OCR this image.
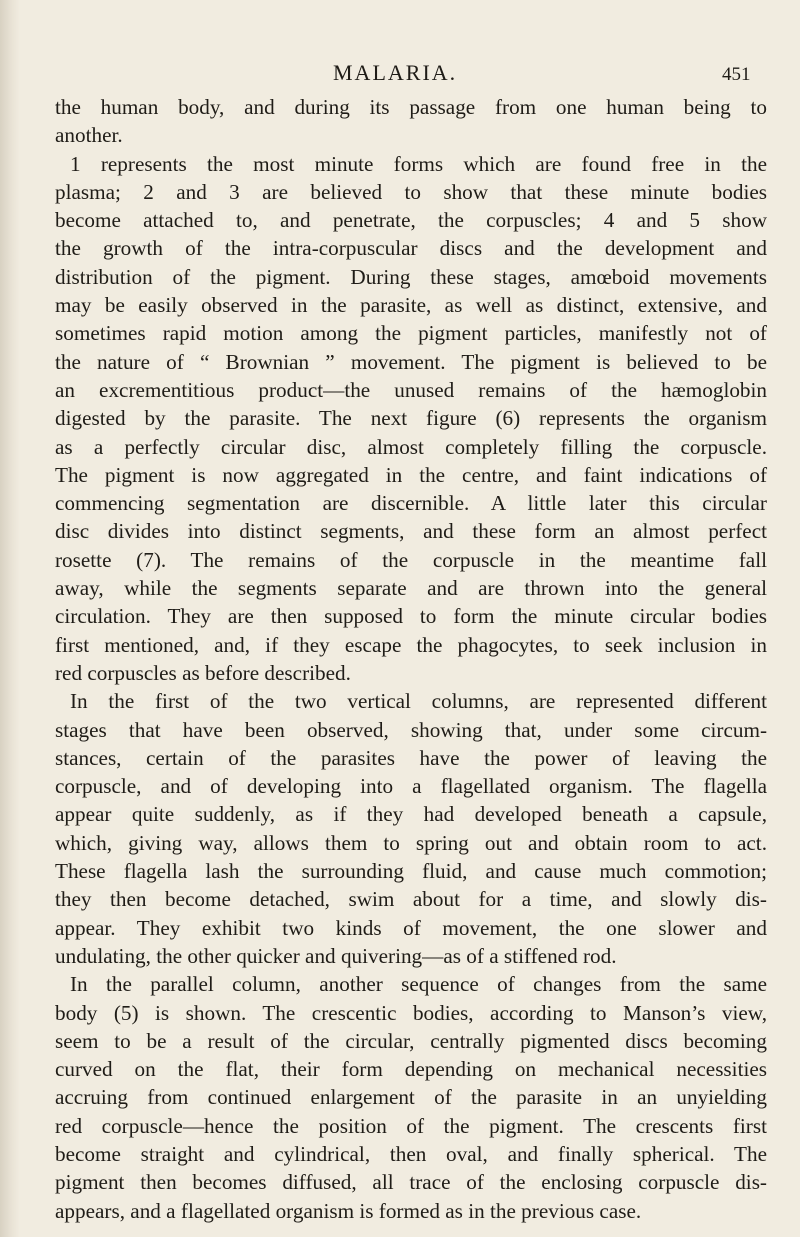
MALARIA.	451
the human body, and during its passage from one human being to
another.
1 represents the most minute forms which are found free in the
plasma; 2 and 3 are believed to show that these minute bodies
become attached to, and penetrate, the corpuscles; 4 and 5 show
the growth of the intra-corpuscular discs and the development and
distribution of the pigment. During these stages, amœboid movements
may be easily observed in the parasite, as well as distinct, extensive, and
sometimes rapid motion among the pigment particles, manifestly not of
the nature of “ Brownian ” movement. The pigment is believed to be
an excrementitious product—the unused remains of the hæmoglobin
digested by the parasite. The next figure (6) represents the organism
as a perfectly circular disc, almost completely filling the corpuscle.
The pigment is now aggregated in the centre, and faint indications of
commencing segmentation are discernible. A little later this circular
disc divides into distinct segments, and these form an almost perfect
rosette (7). The remains of the corpuscle in the meantime fall
away, while the segments separate and are thrown into the general
circulation. They are then supposed to form the minute circular bodies
first mentioned, and, if they escape the phagocytes, to seek inclusion in
red corpuscles as before described.
In the first of the two vertical columns, are represented different
stages that have been observed, showing that, under some circum-
stances, certain of the parasites have the power of leaving the
corpuscle, and of developing into a flagellated organism. The flagella
appear quite suddenly, as if they had developed beneath a capsule,
which, giving way, allows them to spring out and obtain room to act.
These flagella lash the surrounding fluid, and cause much commotion;
they then become detached, swim about for a time, and slowly dis-
appear. They exhibit two kinds of movement, the one slower and
undulating, the other quicker and quivering—as of a stiffened rod.
In the parallel column, another sequence of changes from the same
body (5) is shown. The crescentic bodies, according to Manson’s view,
seem to be a result of the circular, centrally pigmented discs becoming
curved on the flat, their form depending on mechanical necessities
accruing from continued enlargement of the parasite in an unyielding
red corpuscle—hence the position of the pigment. The crescents first
become straight and cylindrical, then oval, and finally spherical. The
pigment then becomes diffused, all trace of the enclosing corpuscle dis-
appears, and a flagellated organism is formed as in the previous case.
